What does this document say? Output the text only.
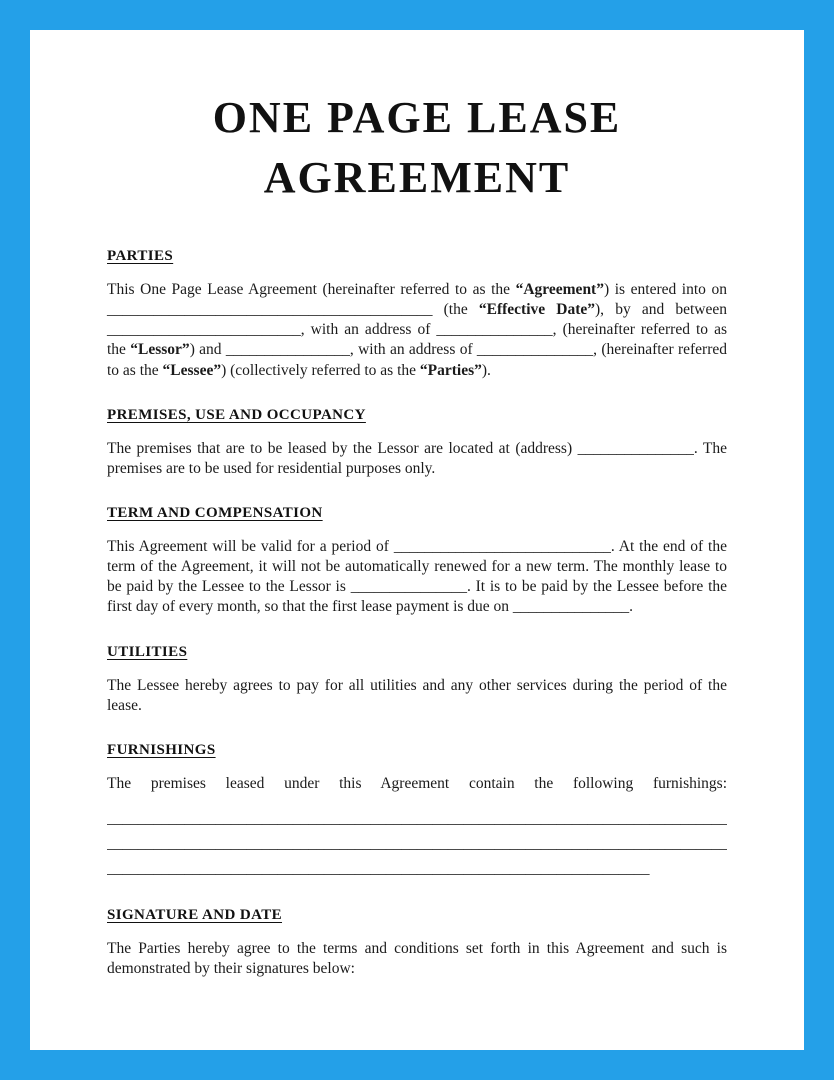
ONE PAGE LEASE
AGREEMENT
PARTIES

This One Page Lease Agreement (hereinafter referred to as the “Agreement”) is entered into on __________________________________________ (the “Effective Date”), by and between _________________________, with an address of _______________, (hereinafter referred to as the “Lessor”) and ________________, with an address of _______________, (hereinafter referred to as the “Lessee”) (collectively referred to as the “Parties”).

PREMISES, USE AND OCCUPANCY

The premises that are to be leased by the Lessor are located at (address) _______________. The premises are to be used for residential purposes only.

TERM AND COMPENSATION

This Agreement will be valid for a period of ____________________________. At the end of the term of the Agreement, it will not be automatically renewed for a new term. The monthly lease to be paid by the Lessee to the Lessor is _______________. It is to be paid by the Lessee before the first day of every month, so that the first lease payment is due on _______________.

UTILITIES

The Lessee hereby agrees to pay for all utilities and any other services during the period of the lease.

FURNISHINGS

The premises leased under this Agreement contain the following furnishings:

________________________________________________________________________________
________________________________________________________________________________
______________________________________________________________________
SIGNATURE AND DATE

The Parties hereby agree to the terms and conditions set forth in this Agreement and such is demonstrated by their signatures below:
